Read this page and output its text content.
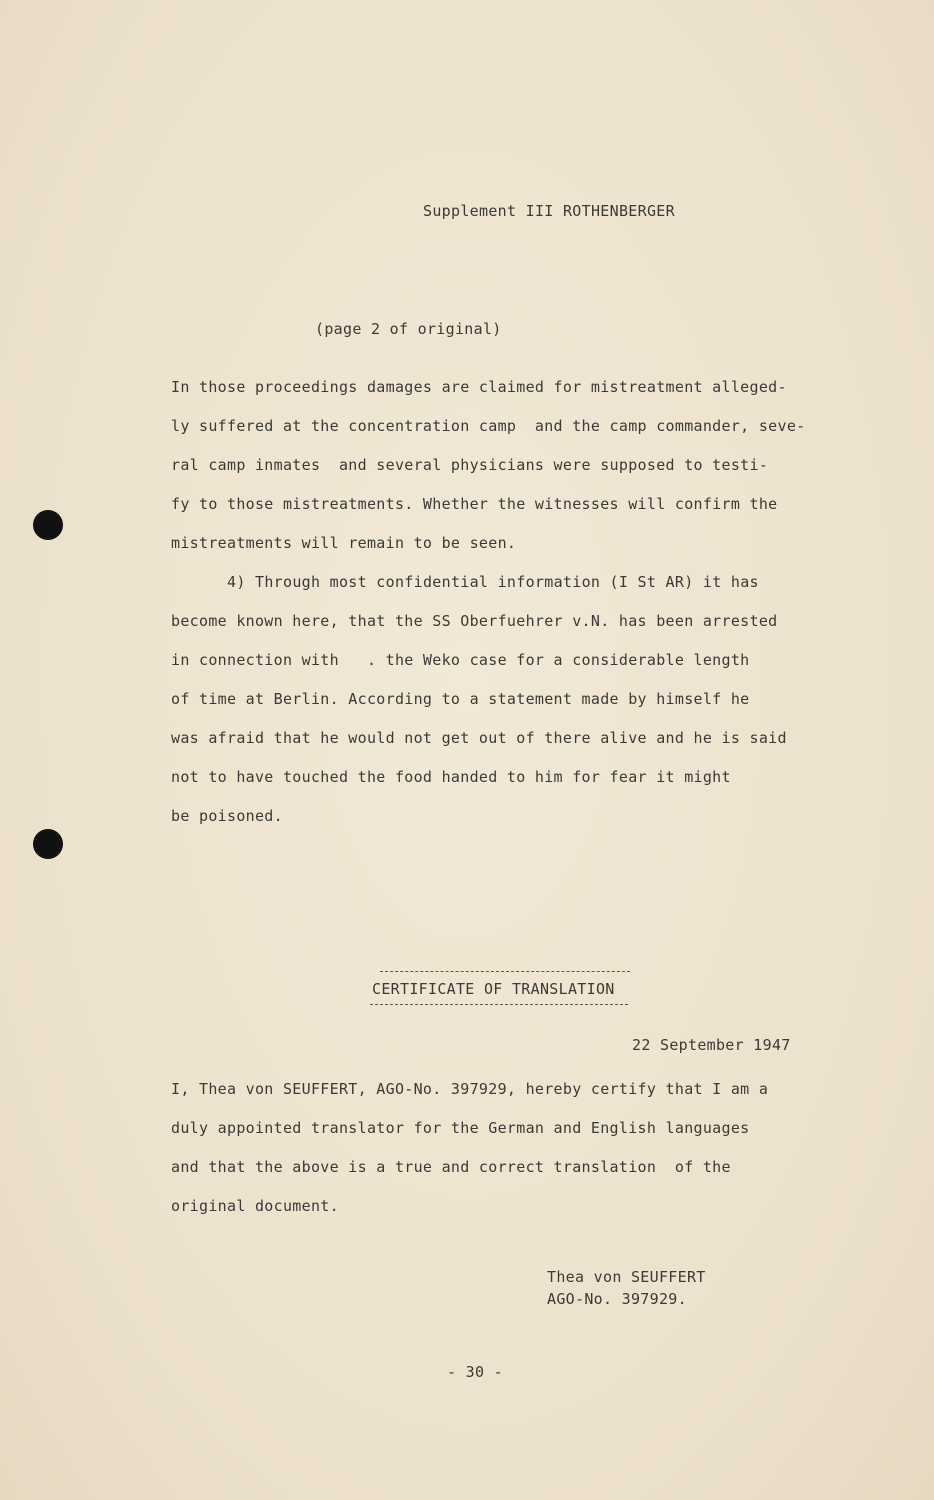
Supplement III ROTHENBERGER
(page 2 of original)
In those proceedings damages are claimed for mistreatment alleged-
ly suffered at the concentration camp  and the camp commander, seve-
ral camp inmates  and several physicians were supposed to testi-
fy to those mistreatments. Whether the witnesses will confirm the
mistreatments will remain to be seen.
4) Through most confidential information (I St AR) it has
become known here, that the SS Oberfuehrer v.N. has been arrested
in connection with   . the Weko case for a considerable length
of time at Berlin. According to a statement made by himself he
was afraid that he would not get out of there alive and he is said
not to have touched the food handed to him for fear it might
be poisoned.
CERTIFICATE OF TRANSLATION
22 September 1947
I, Thea von SEUFFERT, AGO-No. 397929, hereby certify that I am a
duly appointed translator for the German and English languages
and that the above is a true and correct translation  of the
original document.
Thea von SEUFFERT
AGO-No. 397929.
- 30 -
